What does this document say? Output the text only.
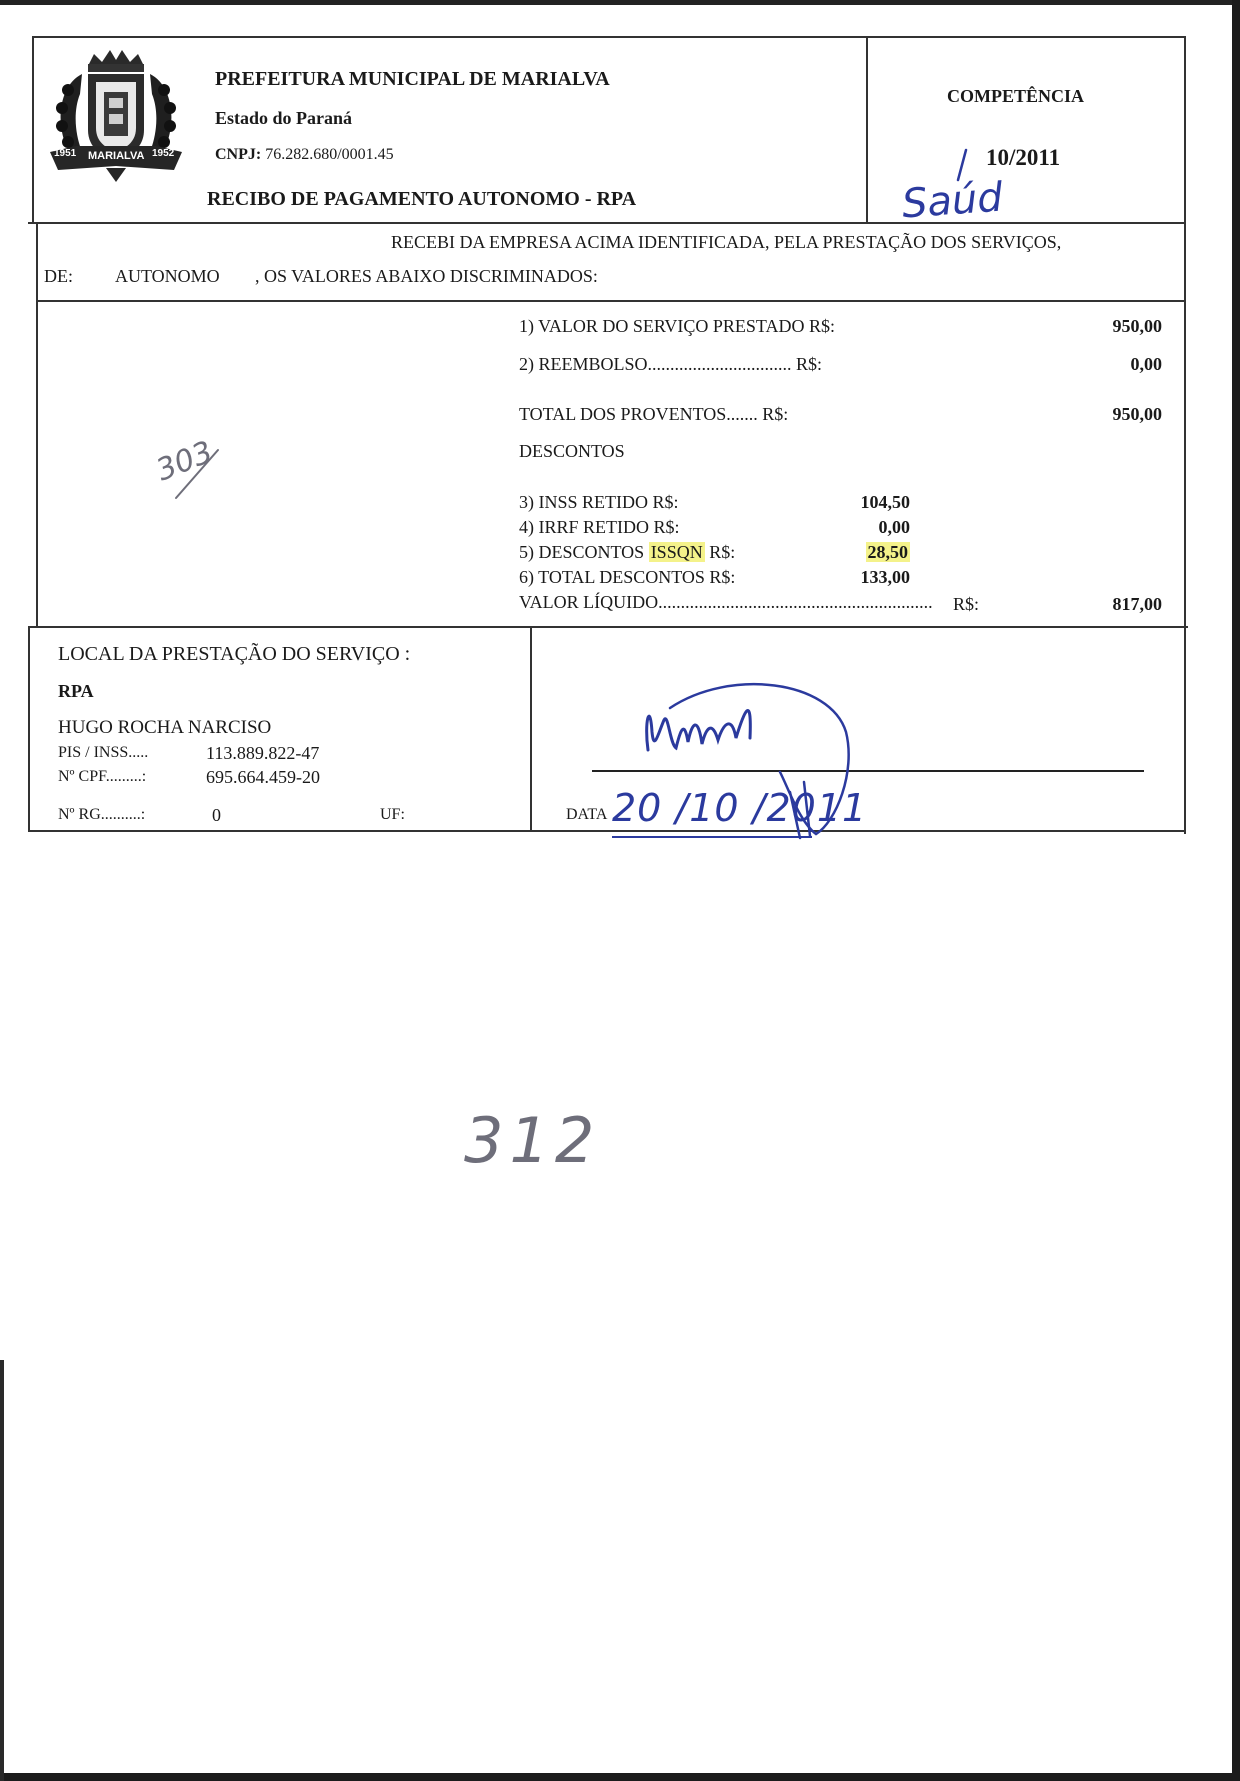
1951 MARIALVA 1952
PREFEITURA MUNICIPAL DE MARIALVA
Estado do Paraná
CNPJ: 76.282.680/0001.45
RECIBO DE PAGAMENTO AUTONOMO - RPA
COMPETÊNCIA
10/2011
RECEBI DA EMPRESA ACIMA IDENTIFICADA, PELA PRESTAÇÃO DOS SERVIÇOS,
DE: AUTONOMO , OS VALORES ABAIXO DISCRIMINADOS:
1) VALOR DO SERVIÇO PRESTADO R$:	950,00
2) REEMBOLSO................................ R$:	0,00
TOTAL DOS PROVENTOS....... R$:	950,00
DESCONTOS
3) INSS RETIDO R$:	104,50
4) IRRF RETIDO R$:	0,00
5) DESCONTOS ISSQN R$:	28,50
6) TOTAL DESCONTOS R$:	133,00
VALOR LÍQUIDO.............................................................	R$:	817,00
LOCAL DA PRESTAÇÃO DO SERVIÇO :
RPA
HUGO ROCHA NARCISO
PIS / INSS.....	113.889.822-47
Nº CPF.........:	695.664.459-20
Nº RG..........:	0	UF:	DATA 20 /10 /2011
Saúd
303
312
